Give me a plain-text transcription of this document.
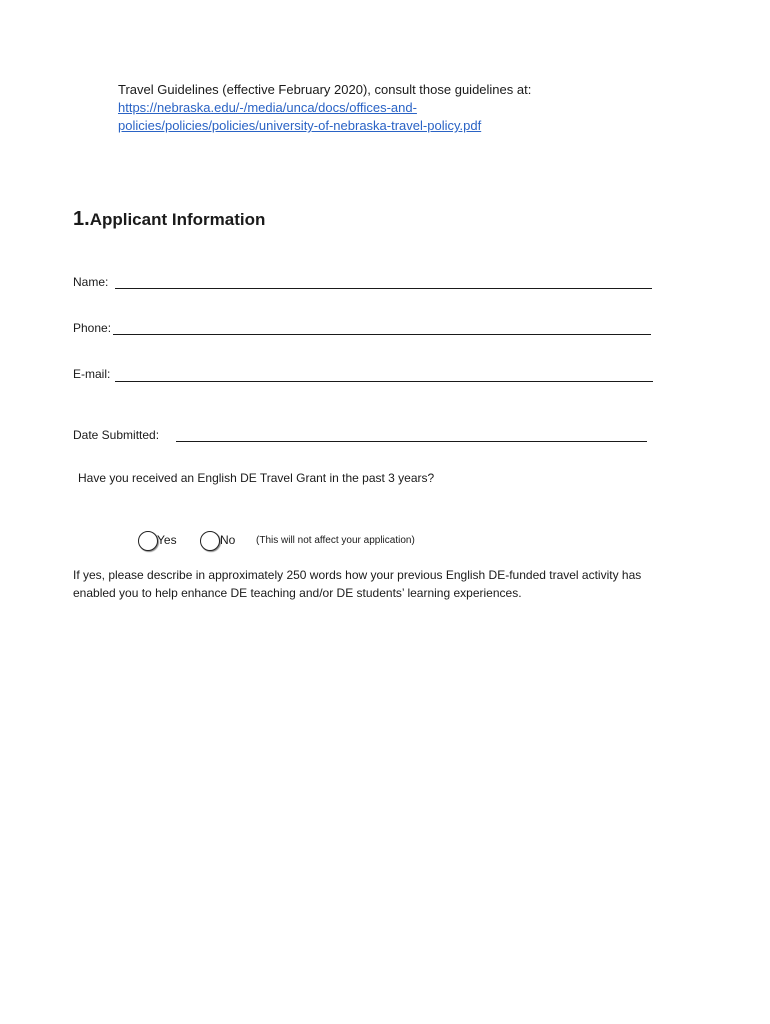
Travel Guidelines (effective February 2020), consult those guidelines at:
https://nebraska.edu/-/media/unca/docs/offices-and-
policies/policies/policies/university-of-nebraska-travel-policy.pdf
1.Applicant Information
Name:
Phone:
E-mail:
Date Submitted:
Have you received an English DE Travel Grant in the past 3 years?
Yes	No (This will not affect your application)
If yes, please describe in approximately 250 words how your previous English DE-funded travel activity has
enabled you to help enhance DE teaching and/or DE students’ learning experiences.
